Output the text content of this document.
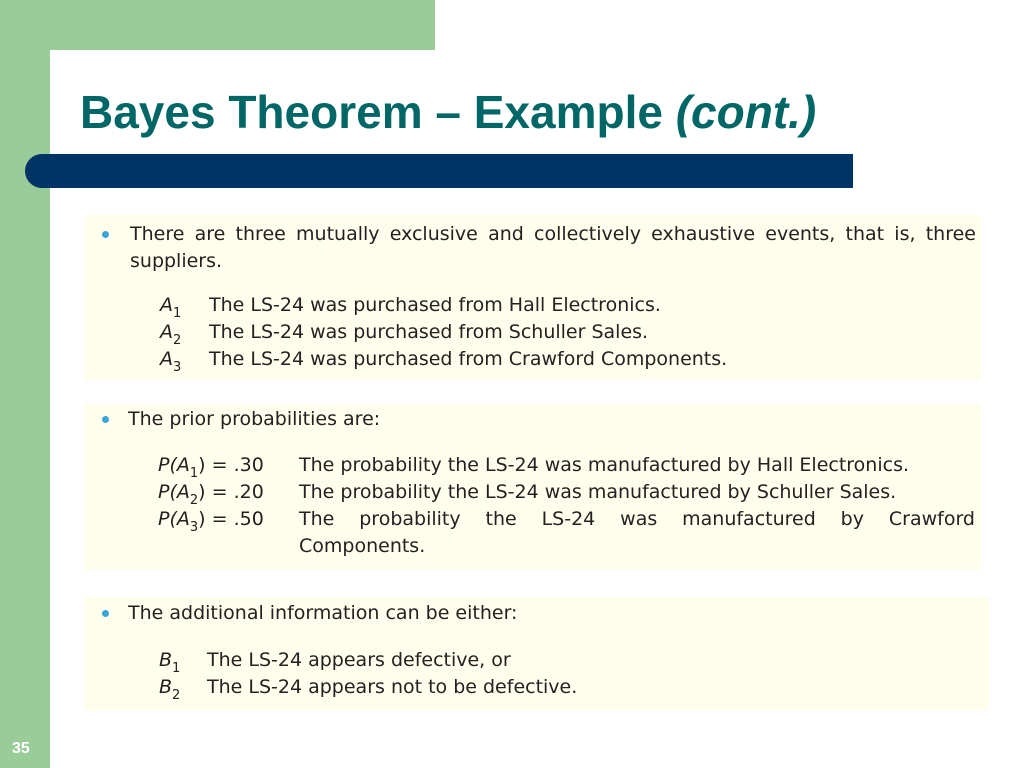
Bayes Theorem – Example (cont.)
There are three mutually exclusive and collectively exhaustive events, that is, three suppliers.
$A_1$ The LS-24 was purchased from Hall Electronics.
$A_2$ The LS-24 was purchased from Schuller Sales.
$A_3$ The LS-24 was purchased from Crawford Components.
The prior probabilities are:
$P(A_1) = .30$ The probability the LS-24 was manufactured by Hall Electronics.
$P(A_2) = .20$ The probability the LS-24 was manufactured by Schuller Sales.
$P(A_3) = .50$ The probability the LS-24 was manufactured by Crawford Components.
The additional information can be either:
$B_1$ The LS-24 appears defective, or
$B_2$ The LS-24 appears not to be defective.
35
